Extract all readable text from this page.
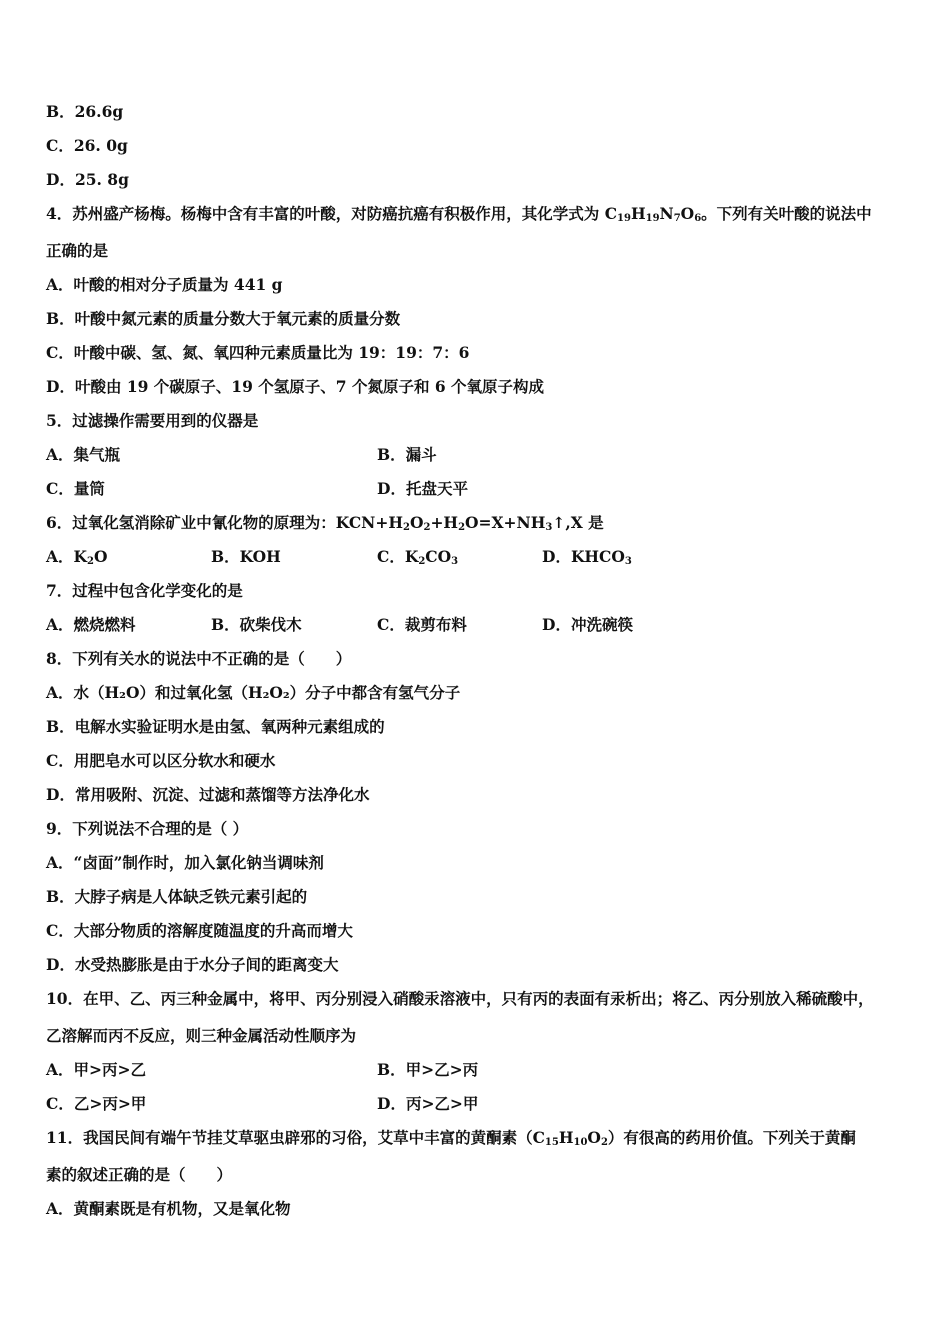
B．26.6g
C．26. 0g
D．25. 8g
4．苏州盛产杨梅。杨梅中含有丰富的叶酸，对防癌抗癌有积极作用，其化学式为 $C_{19}H_{19}N_7O_6$。下列有关叶酸的说法中
正确的是
A．叶酸的相对分子质量为 441 g
B．叶酸中氮元素的质量分数大于氧元素的质量分数
C．叶酸中碳、氢、氮、氧四种元素质量比为 19：19：7：6
D．叶酸由 19 个碳原子、19 个氢原子、7 个氮原子和 6 个氧原子构成
5．过滤操作需要用到的仪器是
A．集气瓶	B．漏斗
C．量筒	D．托盘天平
6．过氧化氢消除矿业中氰化物的原理为：$KCN+H_2O_2+H_2O=X+NH_3↑,X$ 是
A．$K_2O$	B．KOH	C．$K_2CO_3$	D．$KHCO_3$
7．过程中包含化学变化的是
A．燃烧燃料	B．砍柴伐木	C．裁剪布料	D．冲洗碗筷
8．下列有关水的说法中不正确的是（　　）
A．水（H₂O）和过氧化氢（H₂O₂）分子中都含有氢气分子
B．电解水实验证明水是由氢、氧两种元素组成的
C．用肥皂水可以区分软水和硬水
D．常用吸附、沉淀、过滤和蒸馏等方法净化水
9．下列说法不合理的是（ ）
A．“卤面”制作时，加入氯化钠当调味剂
B．大脖子病是人体缺乏铁元素引起的
C．大部分物质的溶解度随温度的升高而增大
D．水受热膨胀是由于水分子间的距离变大
10．在甲、乙、丙三种金属中，将甲、丙分别浸入硝酸汞溶液中，只有丙的表面有汞析出；将乙、丙分别放入稀硫酸中，
乙溶解而丙不反应，则三种金属活动性顺序为
A．甲>丙>乙	B．甲>乙>丙
C．乙>丙>甲	D．丙>乙>甲
11．我国民间有端午节挂艾草驱虫辟邪的习俗，艾草中丰富的黄酮素$(C_{15}H_{10}O_2)$有很高的药用价值。下列关于黄酮
素的叙述正确的是（　　）
A．黄酮素既是有机物，又是氧化物
